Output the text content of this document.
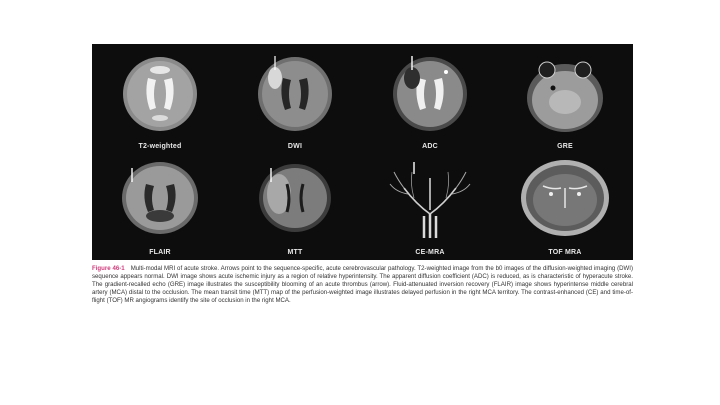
T2-weighted	DWI	ADC	GRE
FLAIR	MTT	CE-MRA	TOF MRA
Figure 46-1 Multi-modal MRI of acute stroke. Arrows point to the sequence-specific, acute cerebrovascular pathology. T2-weighted image from the b0 images of the diffusion-weighted imaging (DWI) sequence appears normal. DWI image shows acute ischemic injury as a region of relative hyperintensity. The apparent diffusion coefficient (ADC) is reduced, as is characteristic of hyperacute stroke. The gradient-recalled echo (GRE) image illustrates the susceptibility blooming of an acute thrombus (arrow). Fluid-attenuated inversion recovery (FLAIR) image shows hyperintense middle cerebral artery (MCA) distal to the occlusion. The mean transit time (MTT) map of the perfusion-weighted image illustrates delayed perfusion in the right MCA territory. The contrast-enhanced (CE) and time-of-flight (TOF) MR angiograms identify the site of occlusion in the right MCA.
